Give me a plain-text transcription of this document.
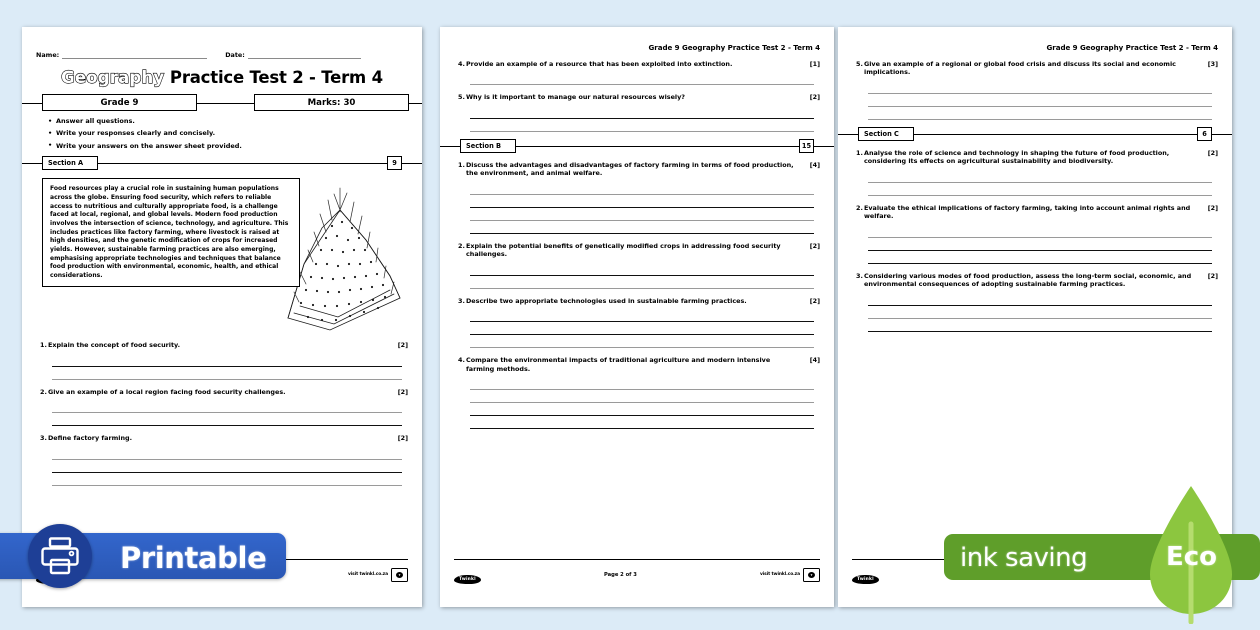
Name:	Date:
Geography Practice Test 2 - Term 4
Grade 9	Marks: 30
• Answer all questions.
• Write your responses clearly and concisely.
• Write your answers on the answer sheet provided.
Section A	9
Food resources play a crucial role in sustaining human populations across the globe. Ensuring food security, which refers to reliable access to nutritious and culturally appropriate food, is a challenge faced at local, regional, and global levels. Modern food production involves the intersection of science, technology, and agriculture. This includes practices like factory farming, where livestock is raised at high densities, and the genetic modification of crops for increased yields. However, sustainable farming practices are also emerging, emphasising appropriate technologies and techniques that balance food production with environmental, economic, health, and ethical considerations.
1. Explain the concept of food security.	[2]
2. Give an example of a local region facing food security challenges.	[2]
3. Define factory farming.	[2]
visit twinkl.co.za	T
Grade 9 Geography Practice Test 2 - Term 4
4. Provide an example of a resource that has been exploited into extinction.	[1]
5. Why is it important to manage our natural resources wisely?	[2]
Section B	15
1. Discuss the advantages and disadvantages of factory farming in terms of food production, the environment, and animal welfare.
[4]
2. Explain the potential benefits of genetically modified crops in addressing food security challenges.
[2]
3. Describe two appropriate technologies used in sustainable farming practices.	[2]
4. Compare the environmental impacts of traditional agriculture and modern intensive farming methods.
[4]
Twinkl
Page 2 of 3	visit twinkl.co.za	T
Grade 9 Geography Practice Test 2 - Term 4
5. Give an example of a regional or global food crisis and discuss its social and economic implications.
[3]
Section C	6
1. Analyse the role of science and technology in shaping the future of food production, considering its effects on agricultural sustainability and biodiversity.
[2]
2. Evaluate the ethical implications of factory farming, taking into account animal rights and welfare.
[2]
3. Considering various modes of food production, assess the long-term social, economic, and environmental consequences of adopting sustainable farming practices.
[2]
Twinkl
Printable	ink saving	Eco
